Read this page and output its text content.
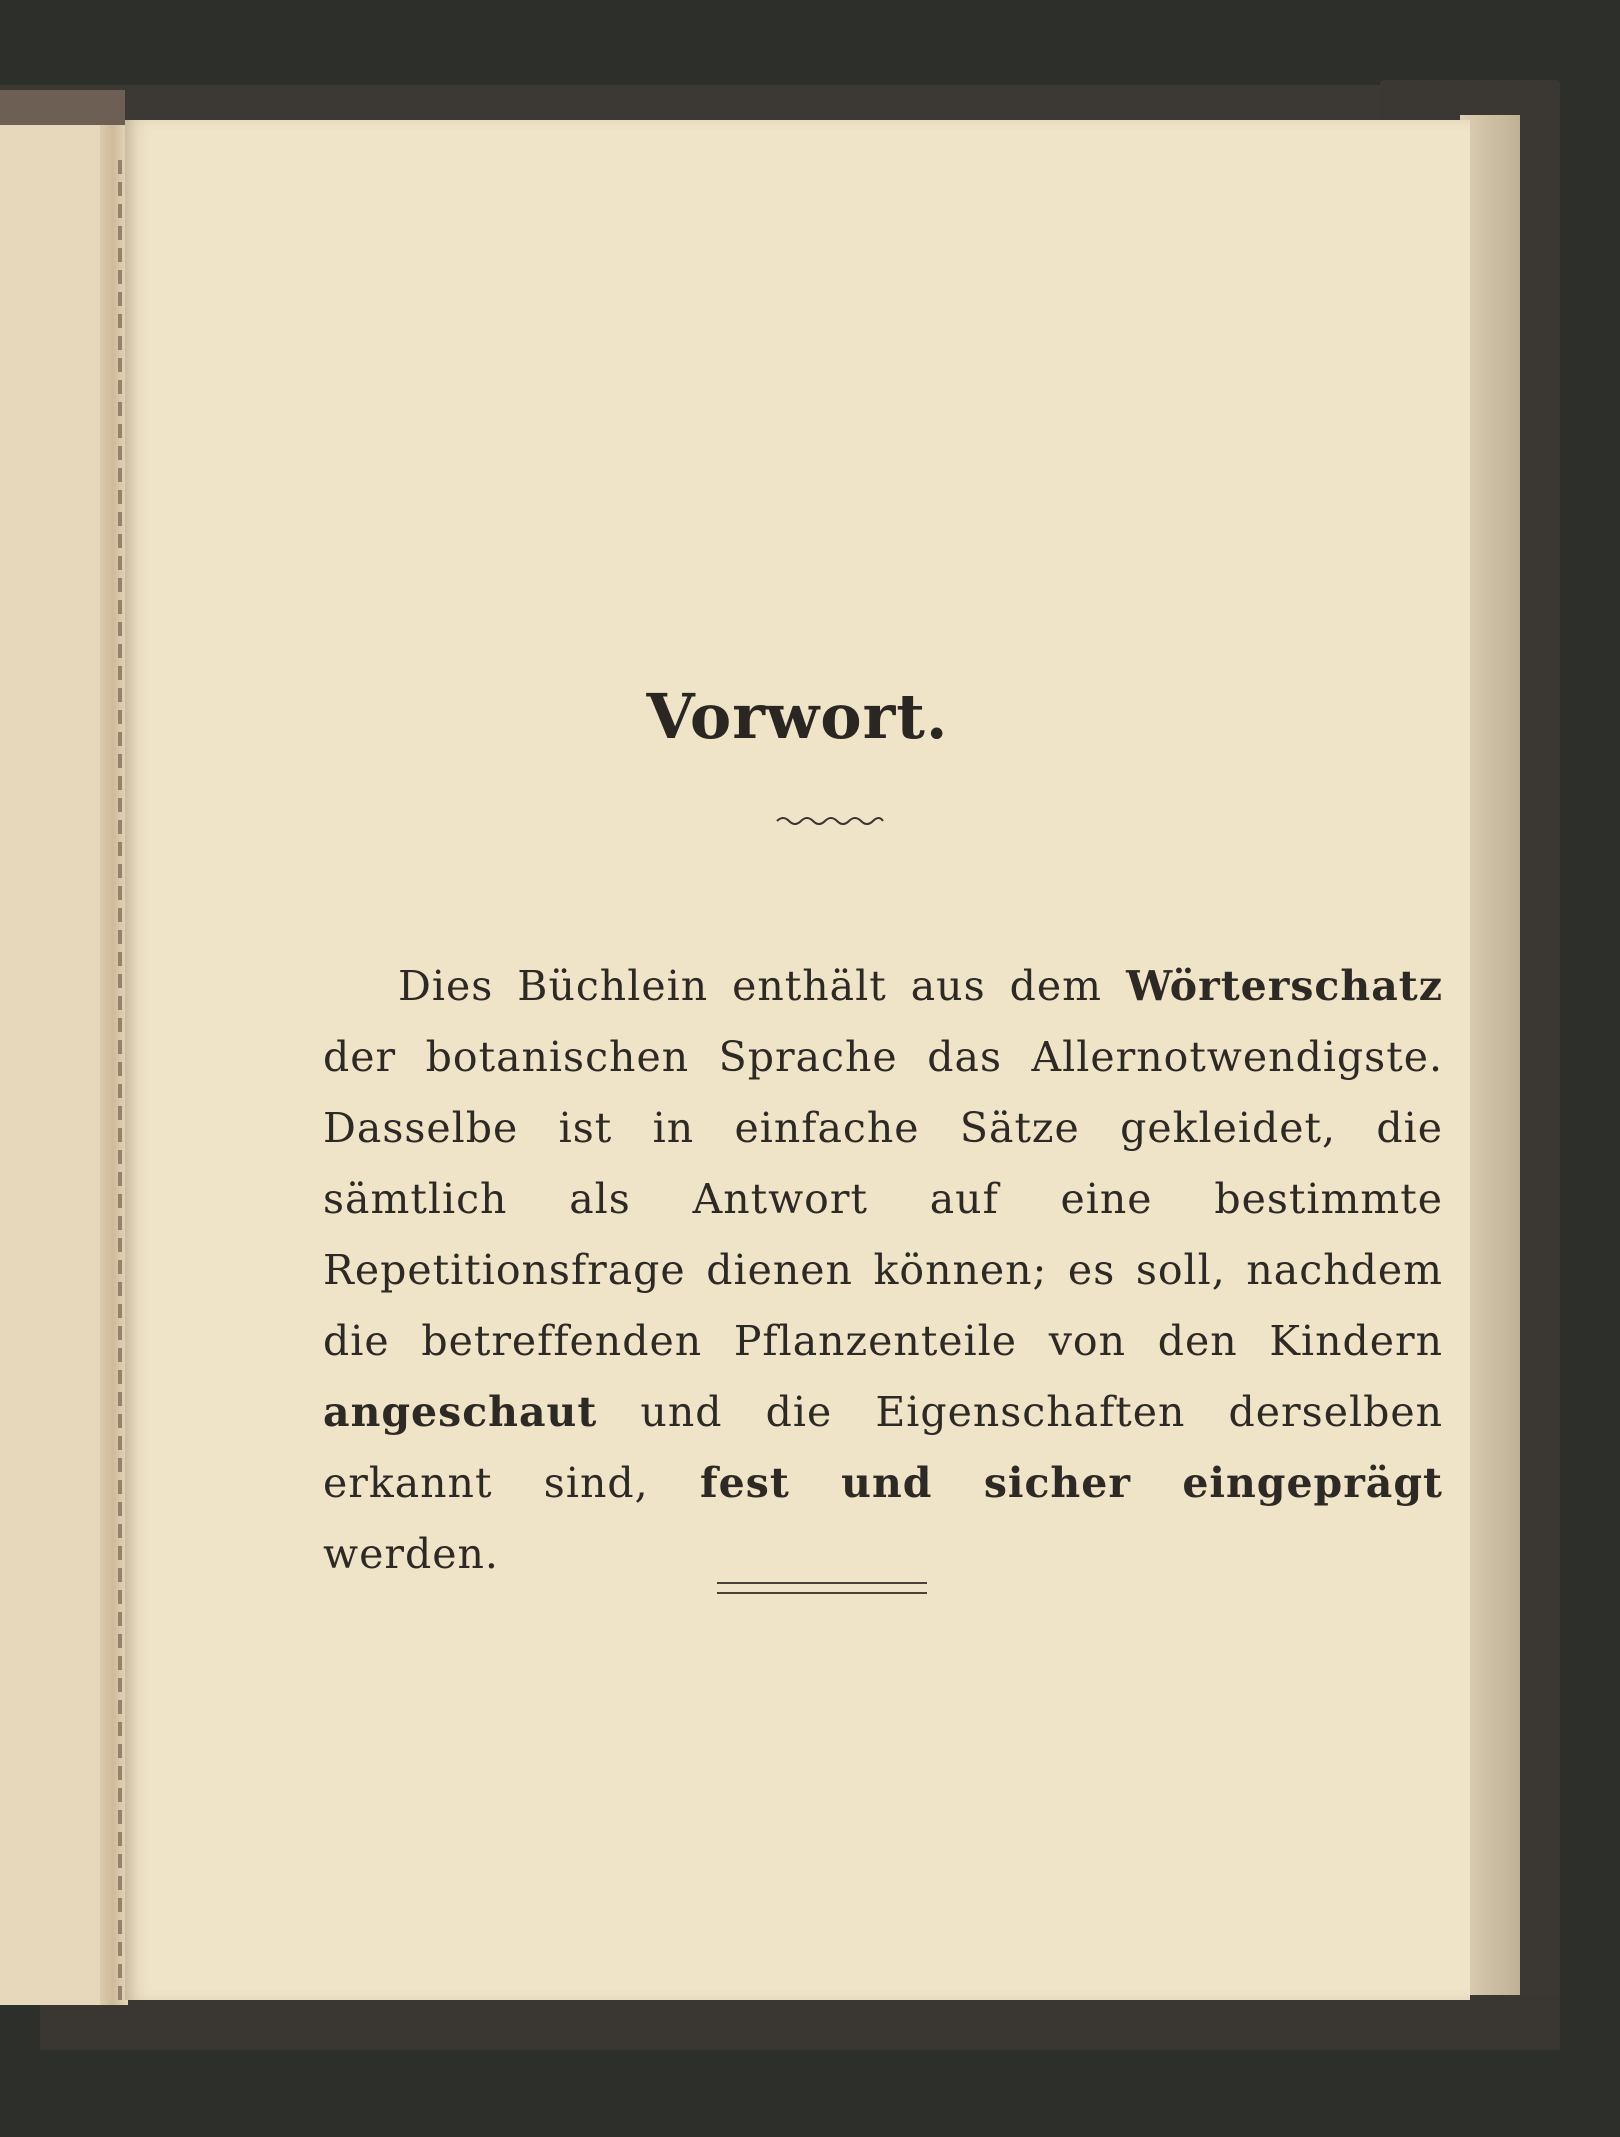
Vorwort.

Dies Büchlein enthält aus dem Wörterschatz der botanischen Sprache das Allernotwendigste. Dasselbe ist in einfache Sätze gekleidet, die sämtlich als Antwort auf eine bestimmte Repetitionsfrage dienen können; es soll, nachdem die betreffenden Pflanzenteile von den Kindern angeschaut und die Eigenschaften derselben erkannt sind, fest und sicher eingeprägt werden.
